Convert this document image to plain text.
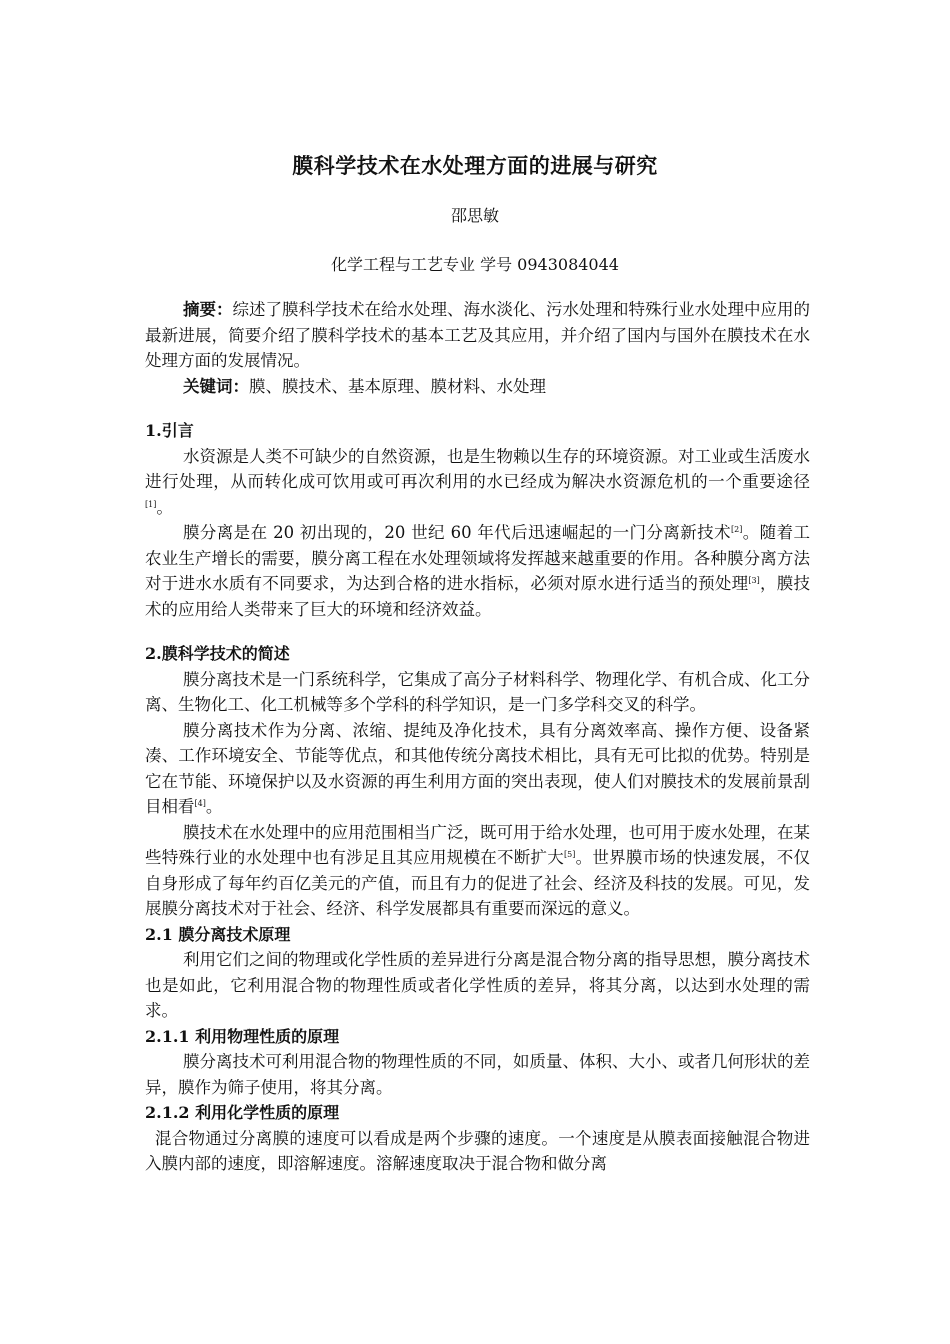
膜科学技术在水处理方面的进展与研究
邵思敏
化学工程与工艺专业 学号 0943084044

摘要：综述了膜科学技术在给水处理、海水淡化、污水处理和特殊行业水处理中应用的最新进展，简要介绍了膜科学技术的基本工艺及其应用，并介绍了国内与国外在膜技术在水处理方面的发展情况。

关键词：膜、膜技术、基本原理、膜材料、水处理

1.引言

水资源是人类不可缺少的自然资源，也是生物赖以生存的环境资源。对工业或生活废水进行处理，从而转化成可饮用或可再次利用的水已经成为解决水资源危机的一个重要途径[1]。

膜分离是在 20 初出现的，20 世纪 60 年代后迅速崛起的一门分离新技术[2]。随着工农业生产增长的需要，膜分离工程在水处理领域将发挥越来越重要的作用。各种膜分离方法对于进水水质有不同要求，为达到合格的进水指标，必须对原水进行适当的预处理[3]，膜技术的应用给人类带来了巨大的环境和经济效益。

2.膜科学技术的简述

膜分离技术是一门系统科学，它集成了高分子材料科学、物理化学、有机合成、化工分离、生物化工、化工机械等多个学科的科学知识，是一门多学科交叉的科学。

膜分离技术作为分离、浓缩、提纯及净化技术，具有分离效率高、操作方便、设备紧凑、工作环境安全、节能等优点，和其他传统分离技术相比，具有无可比拟的优势。特别是它在节能、环境保护以及水资源的再生利用方面的突出表现，使人们对膜技术的发展前景刮目相看[4]。

膜技术在水处理中的应用范围相当广泛，既可用于给水处理，也可用于废水处理，在某些特殊行业的水处理中也有涉足且其应用规模在不断扩大[5]。世界膜市场的快速发展，不仅自身形成了每年约百亿美元的产值，而且有力的促进了社会、经济及科技的发展。可见，发展膜分离技术对于社会、经济、科学发展都具有重要而深远的意义。

2.1 膜分离技术原理

利用它们之间的物理或化学性质的差异进行分离是混合物分离的指导思想，膜分离技术也是如此，它利用混合物的物理性质或者化学性质的差异，将其分离，以达到水处理的需求。

2.1.1 利用物理性质的原理

膜分离技术可利用混合物的物理性质的不同，如质量、体积、大小、或者几何形状的差异，膜作为筛子使用，将其分离。

2.1.2 利用化学性质的原理

混合物通过分离膜的速度可以看成是两个步骤的速度。一个速度是从膜表面接触混合物进入膜内部的速度，即溶解速度。溶解速度取决于混合物和做分离
